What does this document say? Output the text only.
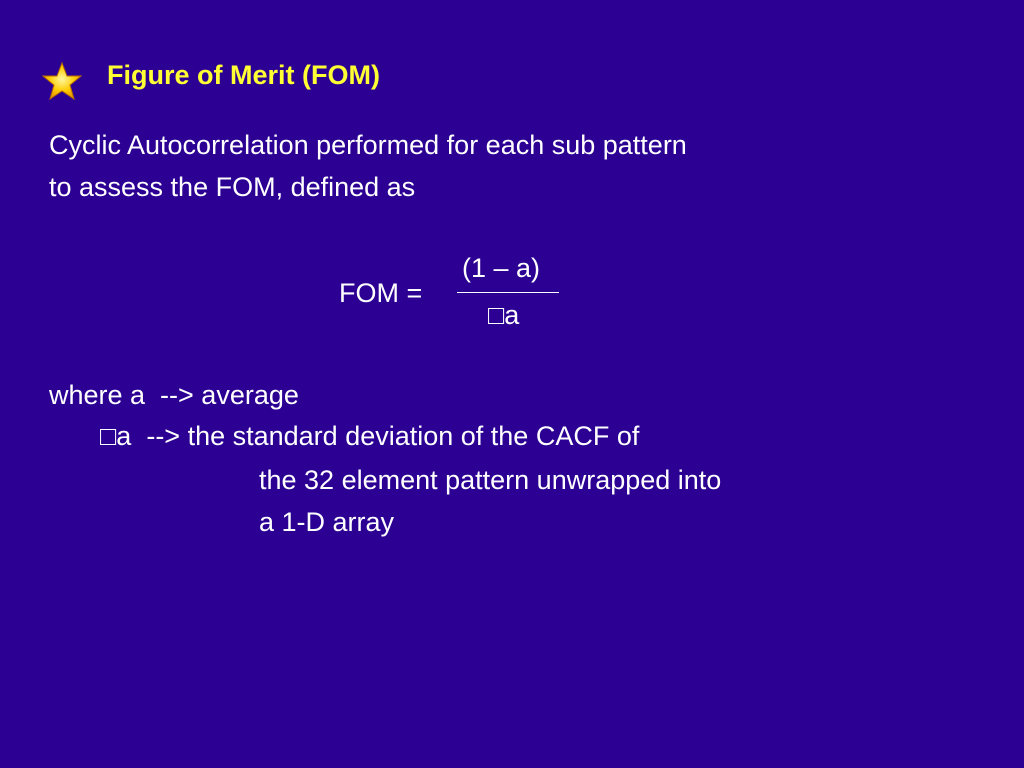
Figure of Merit (FOM)
Cyclic Autocorrelation performed for each sub pattern
to assess the FOM, defined as
FOM =
(1 – a)
□a
where a  --> average
□a  --> the standard deviation of the CACF of
the 32 element pattern unwrapped into
a 1-D array
